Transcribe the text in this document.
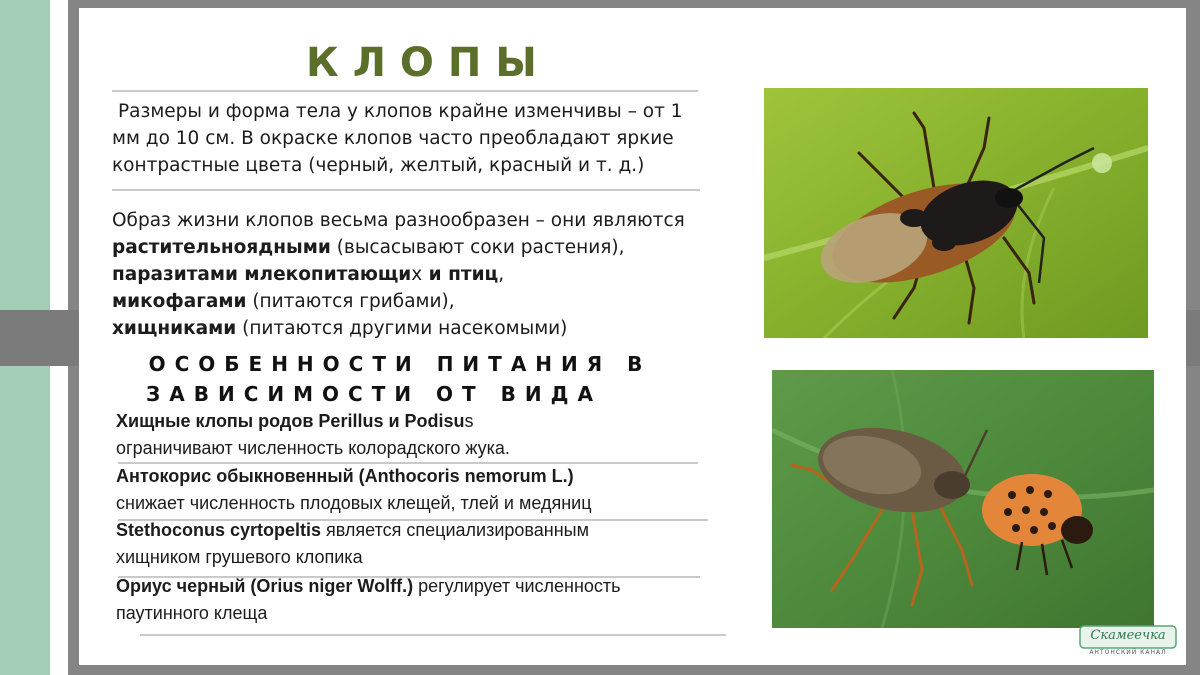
КЛОПЫ
Размеры и форма тела у клопов крайне изменчивы – от 1 мм до 10 см. В окраске клопов часто преобладают яркие контрастные цвета (черный, желтый, красный и т. д.)
Образ жизни клопов весьма разнообразен – они являются
растительноядными (высасывают соки растения),
паразитами млекопитающих и птиц,
микофагами (питаются грибами),
хищниками (питаются другими насекомыми)
ОСОБЕННОСТИ ПИТАНИЯ В
ЗАВИСИМОСТИ ОТ ВИДА
Хищные клопы родов Perillus и Podisus
ограничивают численность колорадского жука.
Антокорис обыкновенный (Anthocoris nemorum L.)
снижает численность плодовых клещей, тлей и медяниц
Stethoconus cyrtopeltis является специализированным
хищником грушевого клопика
Ориус черный (Orius niger Wolff.) регулирует численность
паутинного клеща
Скамеечка
АНТОНСКИЙ КАНАЛ
